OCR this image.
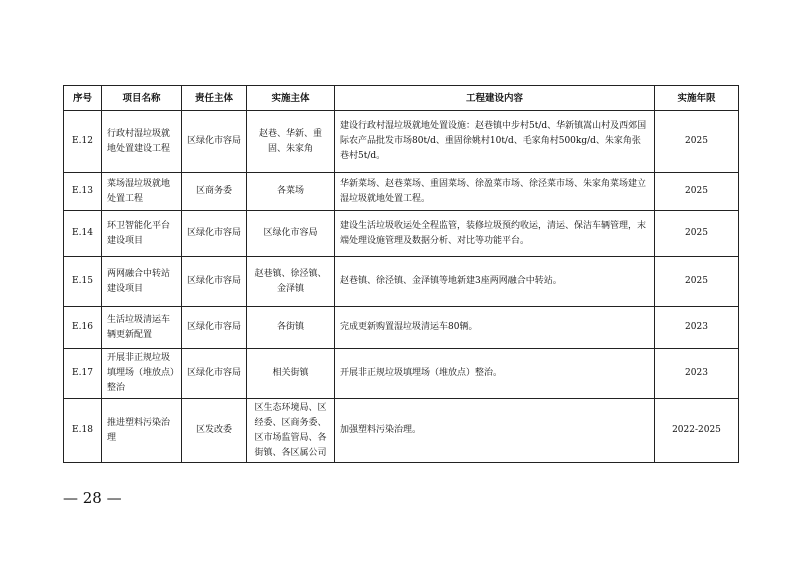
序号	项目名称	责任主体	实施主体	工程建设内容	实施年限
E.12	行政村湿垃圾就地处置建设工程	区绿化市容局	赵巷、华新、重固、朱家角	建设行政村湿垃圾就地处置设施：赵巷镇中步村5t/d、华新镇嵩山村及西郊国际农产品批发市场80t/d、重固徐姚村10t/d、毛家角村500kg/d、朱家角张巷村5t/d。	2025
E.13	菜场湿垃圾就地处置工程	区商务委	各菜场	华新菜场、赵巷菜场、重固菜场、徐盈菜市场、徐泾菜市场、朱家角菜场建立湿垃圾就地处置工程。	2025
E.14	环卫智能化平台建设项目	区绿化市容局	区绿化市容局	建设生活垃圾收运处全程监管，装修垃圾预约收运，清运、保洁车辆管理，末端处理设施管理及数据分析、对比等功能平台。	2025
E.15	两网融合中转站建设项目	区绿化市容局	赵巷镇、徐泾镇、金泽镇	赵巷镇、徐泾镇、金泽镇等地新建3座两网融合中转站。	2025
E.16	生活垃圾清运车辆更新配置	区绿化市容局	各街镇	完成更新购置湿垃圾清运车80辆。	2023
E.17	开展非正规垃圾填埋场（堆放点）整治	区绿化市容局	相关街镇	开展非正规垃圾填埋场（堆放点）整治。	2023
E.18	推进塑料污染治理	区发改委	区生态环境局、区经委、区商务委、区市场监管局、各街镇、各区属公司	加强塑料污染治理。	2022-2025
— 28 —
